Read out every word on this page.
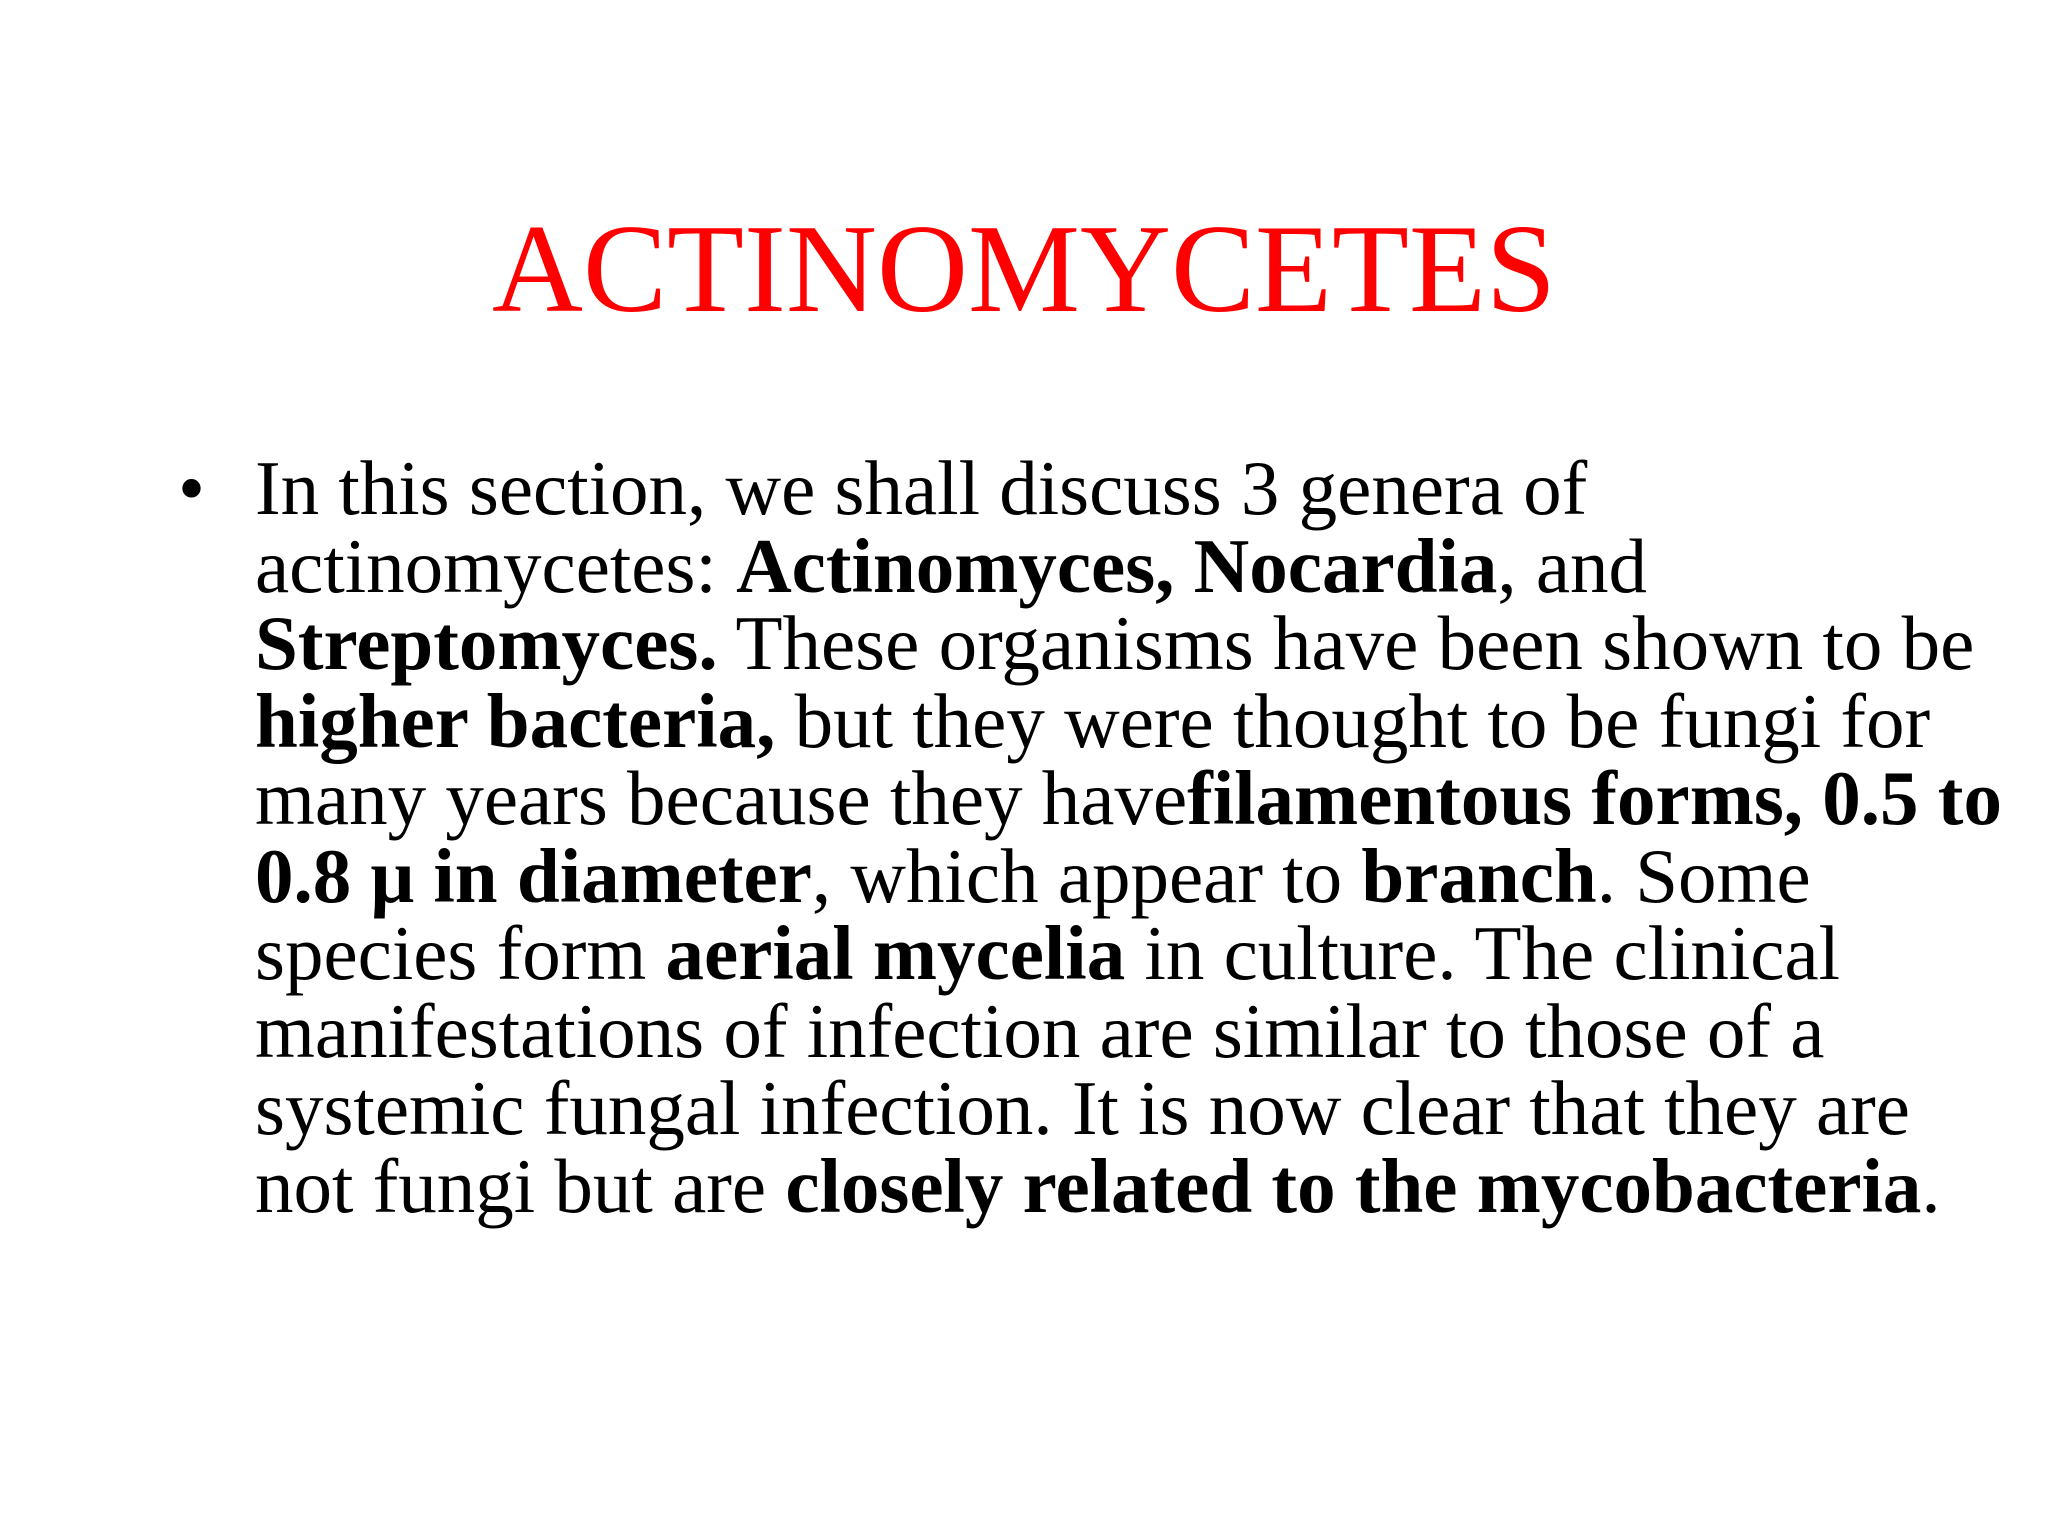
ACTINOMYCETES
• In this section, we shall discuss 3 genera of actinomycetes: Actinomyces, Nocardia, and Streptomyces. These organisms have been shown to be higher bacteria, but they were thought to be fungi for many years because they havefilamentous forms, 0.5 to 0.8 μ in diameter, which appear to branch. Some species form aerial mycelia in culture. The clinical manifestations of infection are similar to those of a systemic fungal infection. It is now clear that they are not fungi but are closely related to the mycobacteria.
